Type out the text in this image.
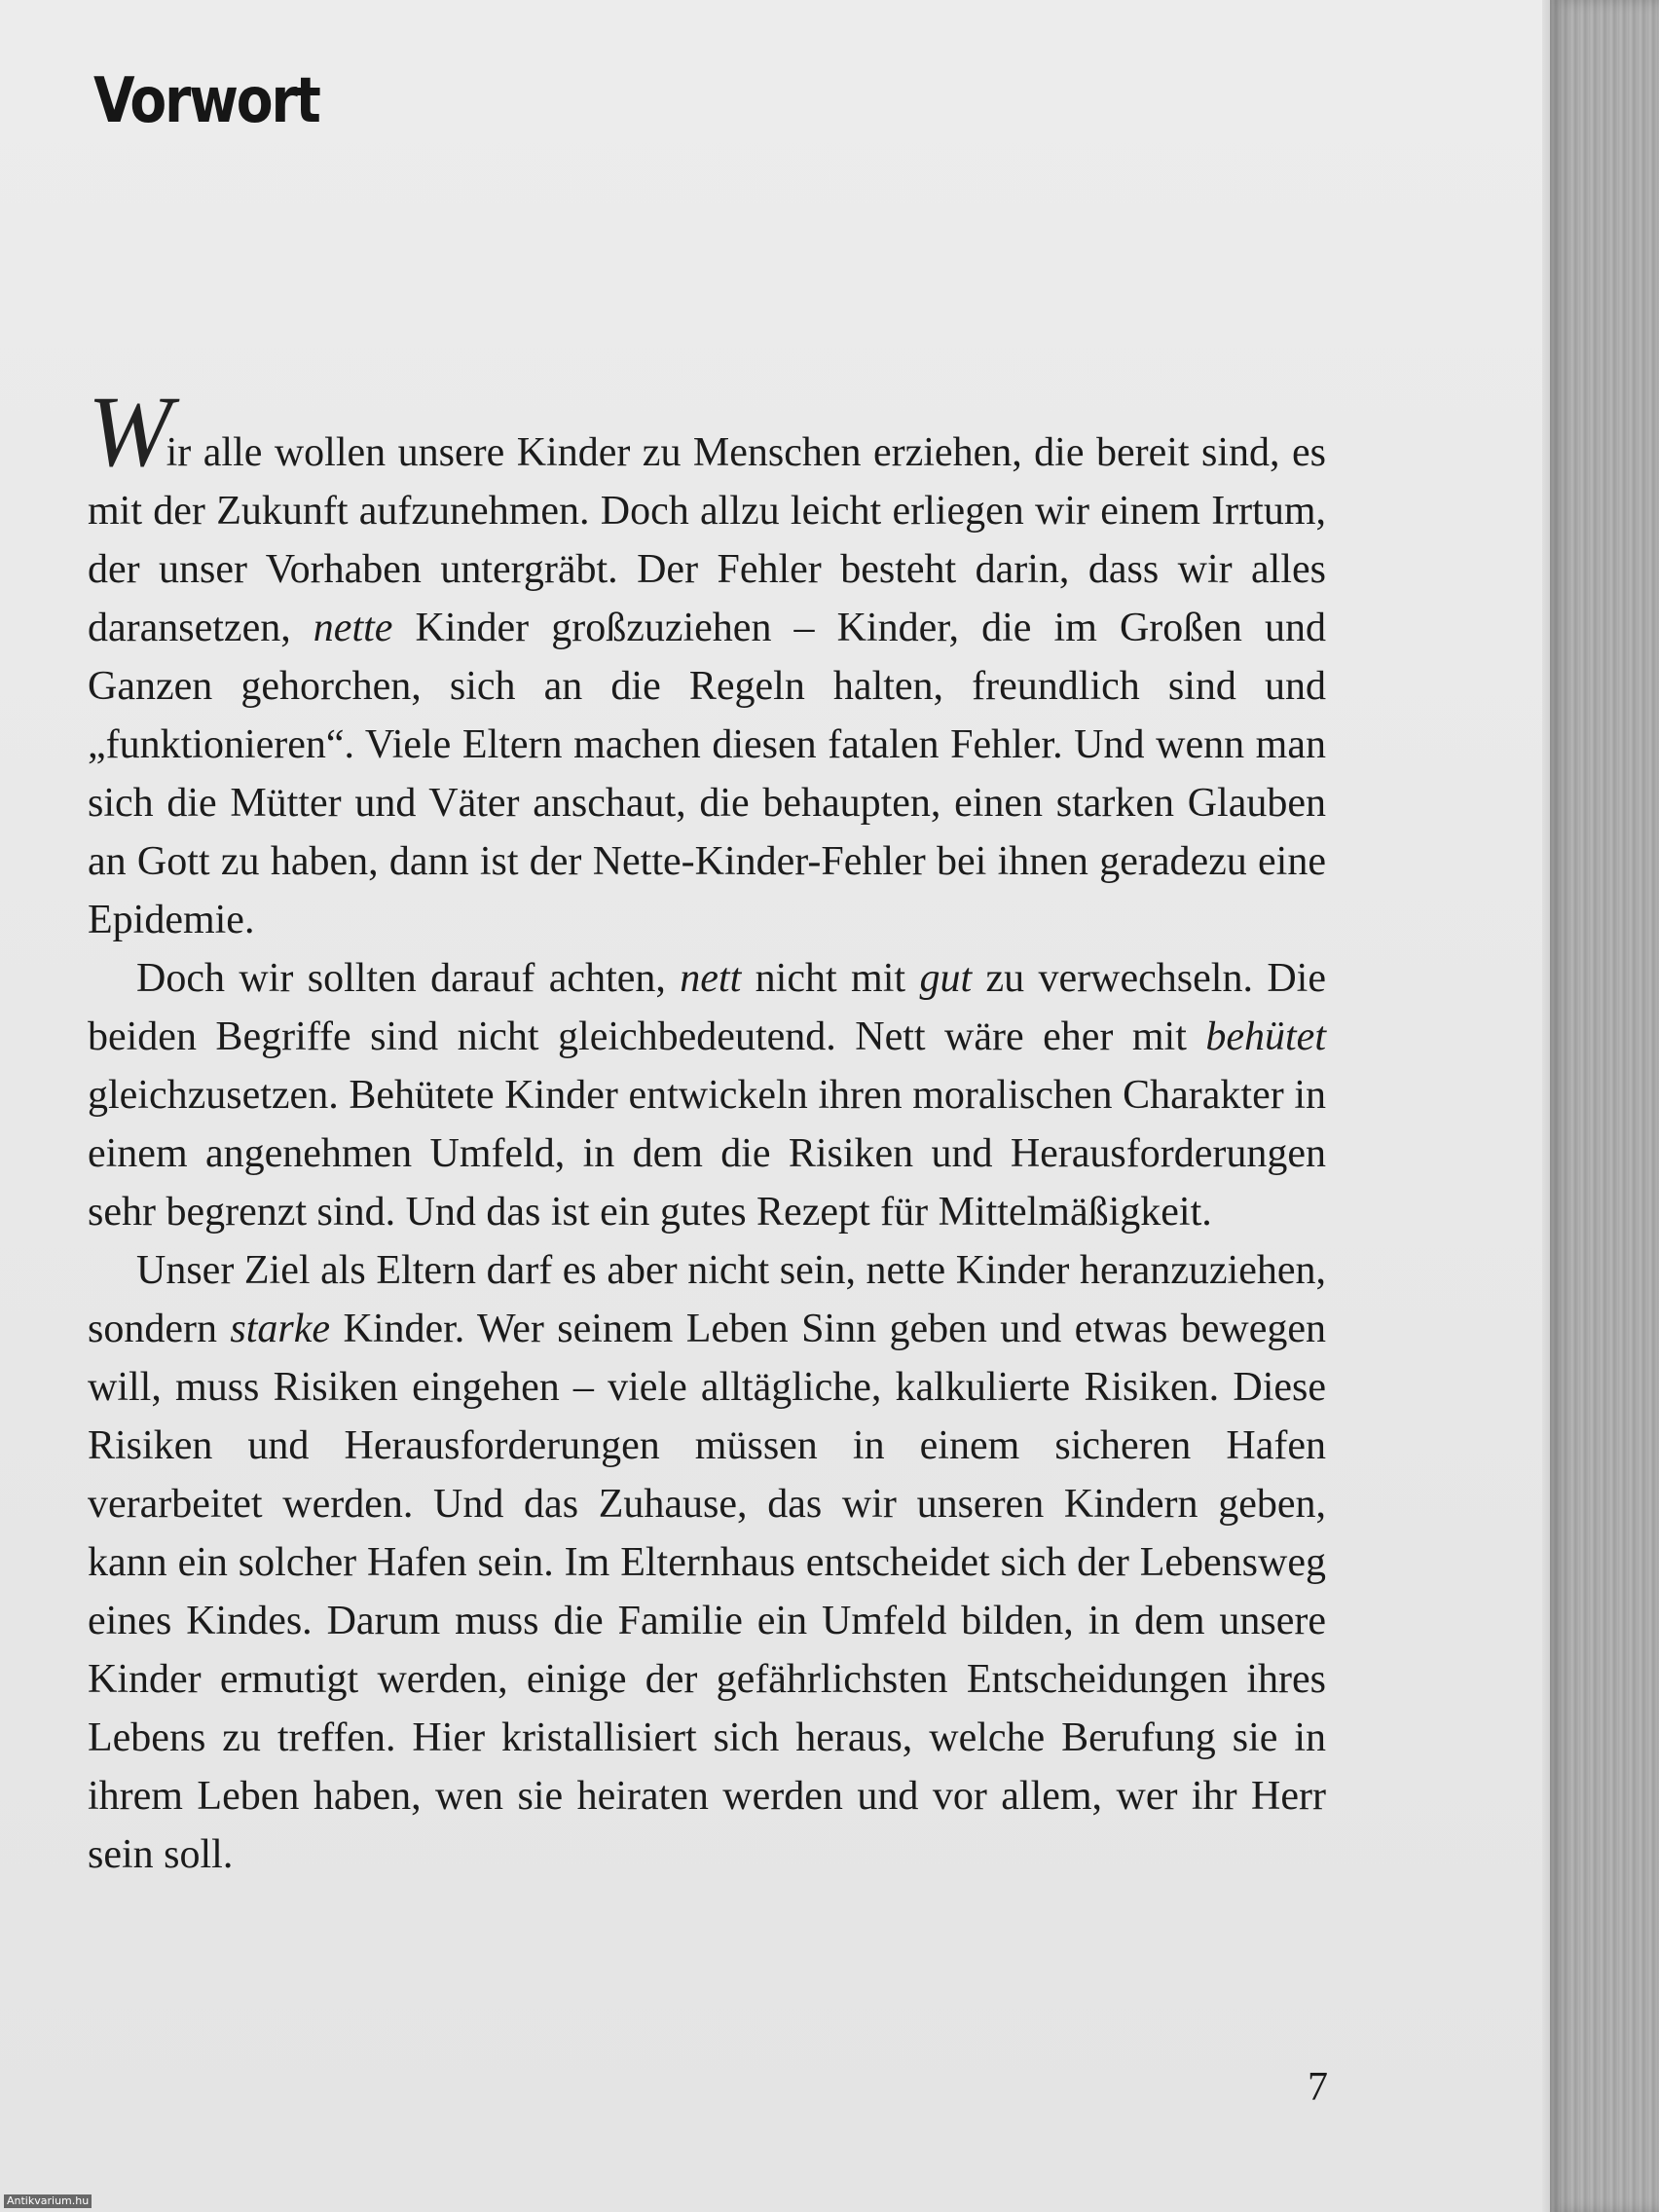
Vorwort

Wir alle wollen unsere Kinder zu Menschen erziehen, die bereit sind, es mit der Zukunft aufzunehmen. Doch allzu leicht erliegen wir einem Irrtum, der unser Vorhaben untergräbt. Der Fehler besteht darin, dass wir alles daransetzen, nette Kinder großzuziehen – Kinder, die im Großen und Ganzen gehorchen, sich an die Regeln halten, freundlich sind und „funktionieren“. Viele Eltern machen diesen fatalen Fehler. Und wenn man sich die Mütter und Väter anschaut, die behaupten, einen starken Glauben an Gott zu haben, dann ist der Nette-Kinder-Fehler bei ihnen geradezu eine Epidemie.

Doch wir sollten darauf achten, nett nicht mit gut zu verwechseln. Die beiden Begriffe sind nicht gleichbedeutend. Nett wäre eher mit behütet gleichzusetzen. Behütete Kinder entwickeln ihren moralischen Charakter in einem angenehmen Umfeld, in dem die Risiken und Herausforderungen sehr begrenzt sind. Und das ist ein gutes Rezept für Mittelmäßigkeit.

Unser Ziel als Eltern darf es aber nicht sein, nette Kinder heranzuziehen, sondern starke Kinder. Wer seinem Leben Sinn geben und etwas bewegen will, muss Risiken eingehen – viele alltägliche, kalkulierte Risiken. Diese Risiken und Herausforderungen müssen in einem sicheren Hafen verarbeitet werden. Und das Zuhause, das wir unseren Kindern geben, kann ein solcher Hafen sein. Im Elternhaus entscheidet sich der Lebensweg eines Kindes. Darum muss die Familie ein Umfeld bilden, in dem unsere Kinder ermutigt werden, einige der gefährlichsten Entscheidungen ihres Lebens zu treffen. Hier kristallisiert sich heraus, welche Berufung sie in ihrem Leben haben, wen sie heiraten werden und vor allem, wer ihr Herr sein soll.

7
Antikvarium.hu
